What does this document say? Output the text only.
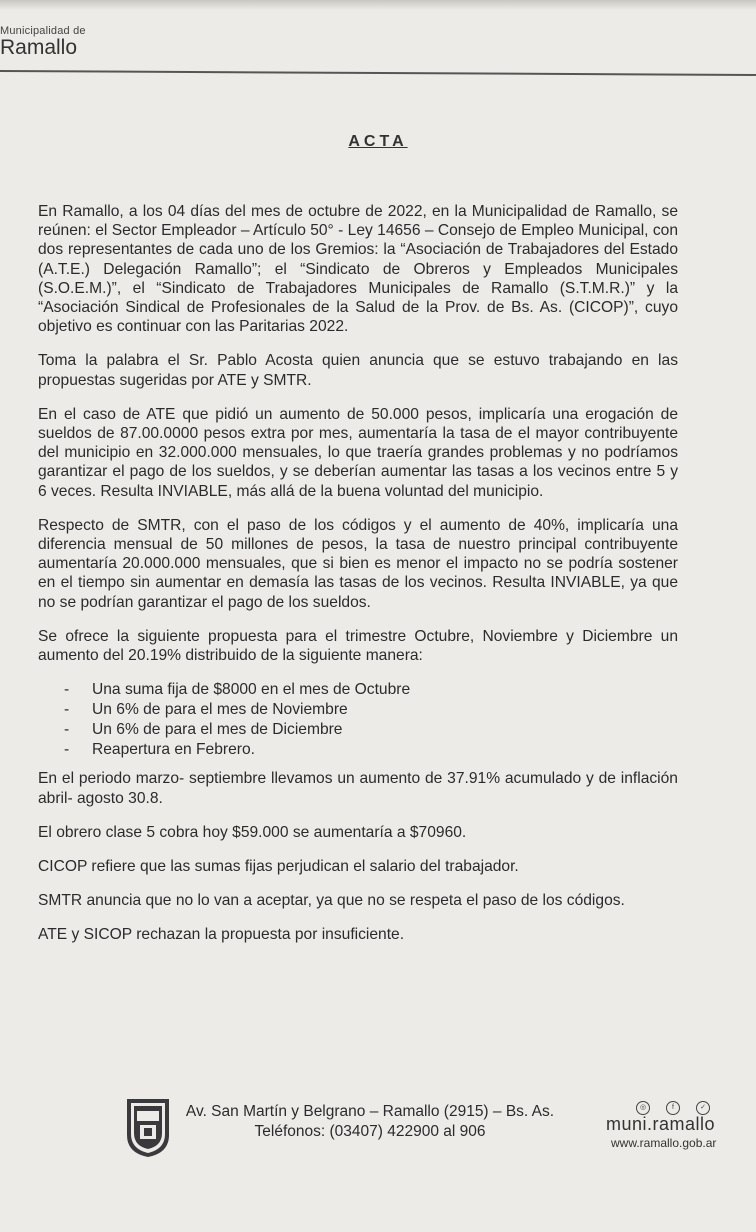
Municipalidad de
Ramallo
ACTA

En Ramallo, a los 04 días del mes de octubre de 2022, en la Municipalidad de Ramallo, se reúnen: el Sector Empleador – Artículo 50° - Ley 14656 – Consejo de Empleo Municipal, con dos representantes de cada uno de los Gremios: la “Asociación de Trabajadores del Estado (A.T.E.) Delegación Ramallo”; el “Sindicato de Obreros y Empleados Municipales (S.O.E.M.)”, el “Sindicato de Trabajadores Municipales de Ramallo (S.T.M.R.)” y la “Asociación Sindical de Profesionales de la Salud de la Prov. de Bs. As. (CICOP)”, cuyo objetivo es continuar con las Paritarias 2022.

Toma la palabra el Sr. Pablo Acosta quien anuncia que se estuvo trabajando en las propuestas sugeridas por ATE y SMTR.

En el caso de ATE que pidió un aumento de 50.000 pesos, implicaría una erogación de sueldos de 87.00.0000 pesos extra por mes, aumentaría la tasa de el mayor contribuyente del municipio en 32.000.000 mensuales, lo que traería grandes problemas y no podríamos garantizar el pago de los sueldos, y se deberían aumentar las tasas a los vecinos entre 5 y 6 veces. Resulta INVIABLE, más allá de la buena voluntad del municipio.

Respecto de SMTR, con el paso de los códigos y el aumento de 40%, implicaría una diferencia mensual de 50 millones de pesos, la tasa de nuestro principal contribuyente aumentaría 20.000.000 mensuales, que si bien es menor el impacto no se podría sostener en el tiempo sin aumentar en demasía las tasas de los vecinos. Resulta INVIABLE, ya que no se podrían garantizar el pago de los sueldos.

Se ofrece la siguiente propuesta para el trimestre Octubre, Noviembre y Diciembre un aumento del 20.19% distribuido de la siguiente manera:

- Una suma fija de $8000 en el mes de Octubre
- Un 6% de para el mes de Noviembre
- Un 6% de para el mes de Diciembre
- Reapertura en Febrero.

En el periodo marzo- septiembre llevamos un aumento de 37.91% acumulado y de inflación abril- agosto 30.8.

El obrero clase 5 cobra hoy $59.000 se aumentaría a $70960.

CICOP refiere que las sumas fijas perjudican el salario del trabajador.

SMTR anuncia que no lo van a aceptar, ya que no se respeta el paso de los códigos.

ATE y SICOP rechazan la propuesta por insuficiente.

Av. San Martín y Belgrano – Ramallo (2915) – Bs. As.
Teléfonos: (03407) 422900 al 906
◎	f	✓
muni.ramallo
www.ramallo.gob.ar
